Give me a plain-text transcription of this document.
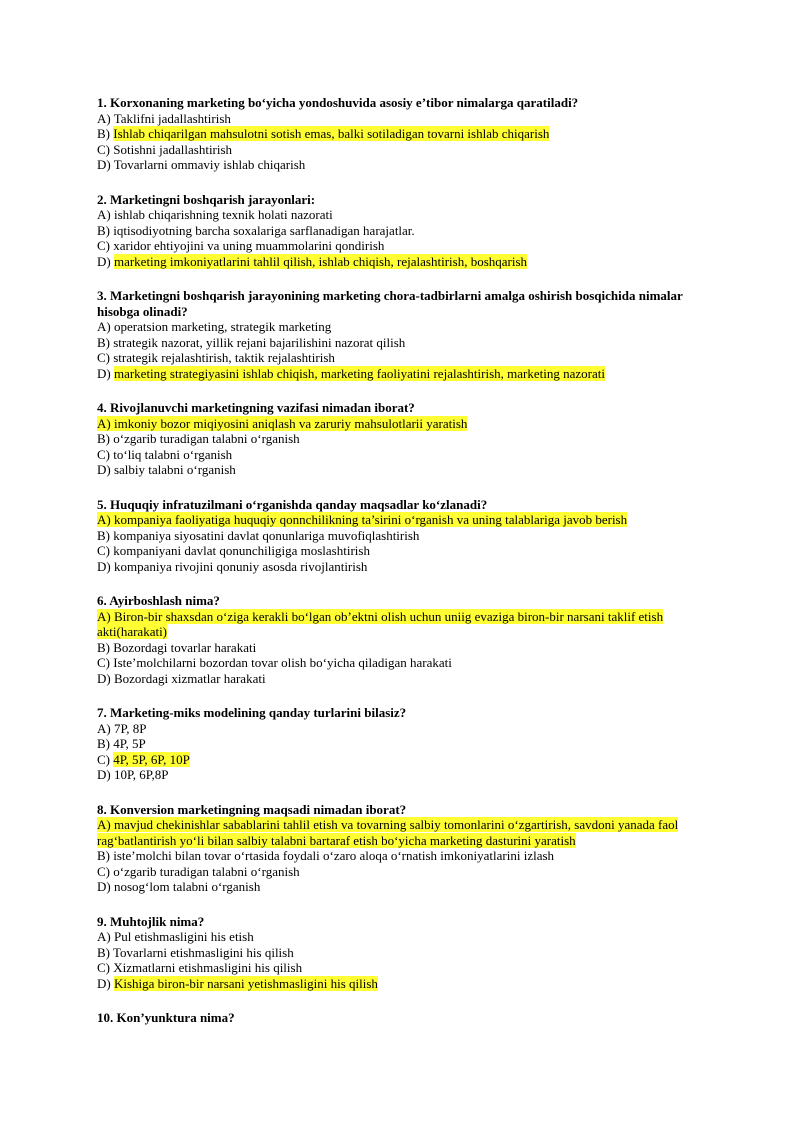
1. Korxonaning marketing bo‘yicha yondoshuvida asosiy e’tibor nimalarga qaratiladi?
A) Taklifni jadallashtirish
B) Ishlab chiqarilgan mahsulotni sotish emas, balki sotiladigan tovarni ishlab chiqarish
C) Sotishni jadallashtirish
D) Tovarlarni ommaviy ishlab chiqarish
2. Marketingni boshqarish jarayonlari:
A) ishlab chiqarishning texnik holati nazorati
B) iqtisodiyotning barcha soxalariga sarflanadigan harajatlar.
C) xaridor ehtiyojini va uning muammolarini qondirish
D) marketing imkoniyatlarini tahlil qilish, ishlab chiqish, rejalashtirish, boshqarish
3. Marketingni boshqarish jarayonining marketing chora-tadbirlarni amalga oshirish bosqichida nimalar hisobga olinadi?
A) operatsion marketing, strategik marketing
B) strategik nazorat, yillik rejani bajarilishini nazorat qilish
C) strategik rejalashtirish, taktik rejalashtirish
D) marketing strategiyasini ishlab chiqish, marketing faoliyatini rejalashtirish, marketing nazorati
4. Rivojlanuvchi marketingning vazifasi nimadan iborat?
A) imkoniy bozor miqiyosini aniqlash va zaruriy mahsulotlarii yaratish
B) o‘zgarib turadigan talabni o‘rganish
C) to‘liq talabni o‘rganish
D) salbiy talabni o‘rganish
5. Huquqiy infratuzilmani o‘rganishda qanday maqsadlar ko‘zlanadi?
A) kompaniya faoliyatiga huquqiy qonnchilikning ta’sirini o‘rganish va uning talablariga javob berish
B) kompaniya siyosatini davlat qonunlariga muvofiqlashtirish
C) kompaniyani davlat qonunchiligiga moslashtirish
D) kompaniya rivojini qonuniy asosda rivojlantirish
6. Ayirboshlash nima?
A) Biron-bir shaxsdan o‘ziga kerakli bo‘lgan ob’ektni olish uchun uniig evaziga biron-bir narsani taklif etish akti(harakati)
B) Bozordagi tovarlar harakati
C) Iste’molchilarni bozordan tovar olish bo‘yicha qiladigan harakati
D) Bozordagi xizmatlar harakati
7. Marketing-miks modelining qanday turlarini bilasiz?
A) 7P, 8P
B) 4P, 5P
C) 4P, 5P, 6P, 10P
D) 10P, 6P,8P
8. Konversion marketingning maqsadi nimadan iborat?
A) mavjud chekinishlar sabablarini tahlil etish va tovarning salbiy tomonlarini o‘zgartirish, savdoni yanada faol rag‘batlantirish yo‘li bilan salbiy talabni bartaraf etish bo‘yicha marketing dasturini yaratish
B) iste’molchi bilan tovar o‘rtasida foydali o‘zaro aloqa o‘rnatish imkoniyatlarini izlash
C) o‘zgarib turadigan talabni o‘rganish
D) nosog‘lom talabni o‘rganish
9. Muhtojlik nima?
A) Pul etishmasligini his etish
B) Tovarlarni etishmasligini his qilish
C) Xizmatlarni etishmasligini his qilish
D) Kishiga biron-bir narsani yetishmasligini his qilish
10. Kon’yunktura nima?
